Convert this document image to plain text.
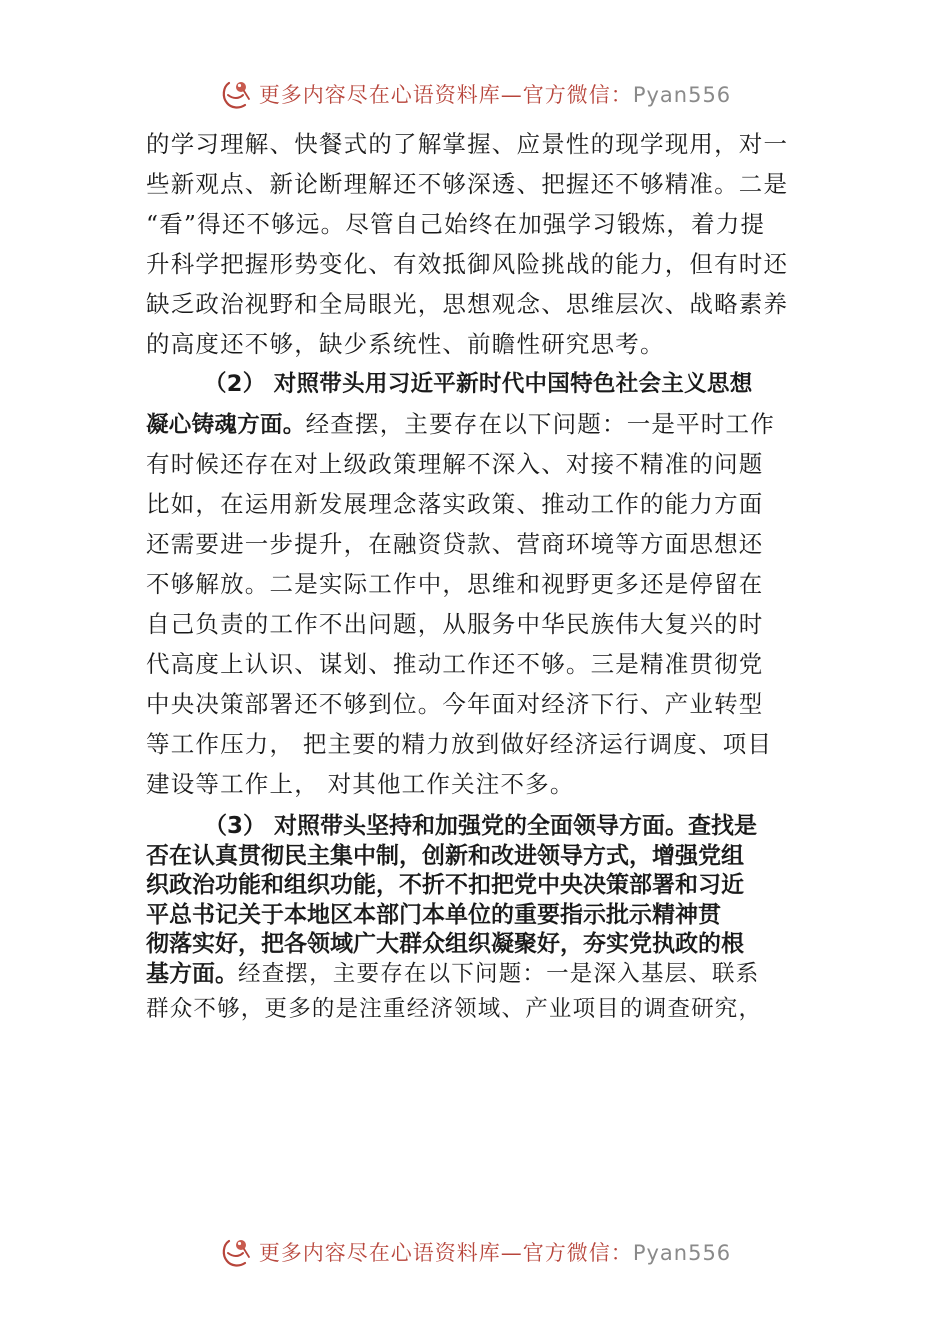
更多内容尽在心语资料库—官方微信：Pyan556
的学习理解、快餐式的了解掌握、应景性的现学现用，对一
些新观点、新论断理解还不够深透、把握还不够精准。二是
“看”得还不够远。尽管自己始终在加强学习锻炼，着力提
升科学把握形势变化、有效抵御风险挑战的能力，但有时还
缺乏政治视野和全局眼光，思想观念、思维层次、战略素养
的高度还不够，缺少系统性、前瞻性研究思考。
（2） 对照带头用习近平新时代中国特色社会主义思想
凝心铸魂方面。经查摆，主要存在以下问题：一是平时工作
有时候还存在对上级政策理解不深入、对接不精准的问题
比如，在运用新发展理念落实政策、推动工作的能力方面
还需要进一步提升，在融资贷款、营商环境等方面思想还
不够解放。二是实际工作中，思维和视野更多还是停留在
自己负责的工作不出问题，从服务中华民族伟大复兴的时
代高度上认识、谋划、推动工作还不够。三是精准贯彻党
中央决策部署还不够到位。今年面对经济下行、产业转型
等工作压力， 把主要的精力放到做好经济运行调度、项目
建设等工作上， 对其他工作关注不多。
（3） 对照带头坚持和加强党的全面领导方面。查找是
否在认真贯彻民主集中制，创新和改进领导方式，增强党组
织政治功能和组织功能，不折不扣把党中央决策部署和习近
平总书记关于本地区本部门本单位的重要指示批示精神贯
彻落实好，把各领域广大群众组织凝聚好，夯实党执政的根
基方面。经查摆，主要存在以下问题：一是深入基层、联系
群众不够，更多的是注重经济领域、产业项目的调查研究，
更多内容尽在心语资料库—官方微信：Pyan556
